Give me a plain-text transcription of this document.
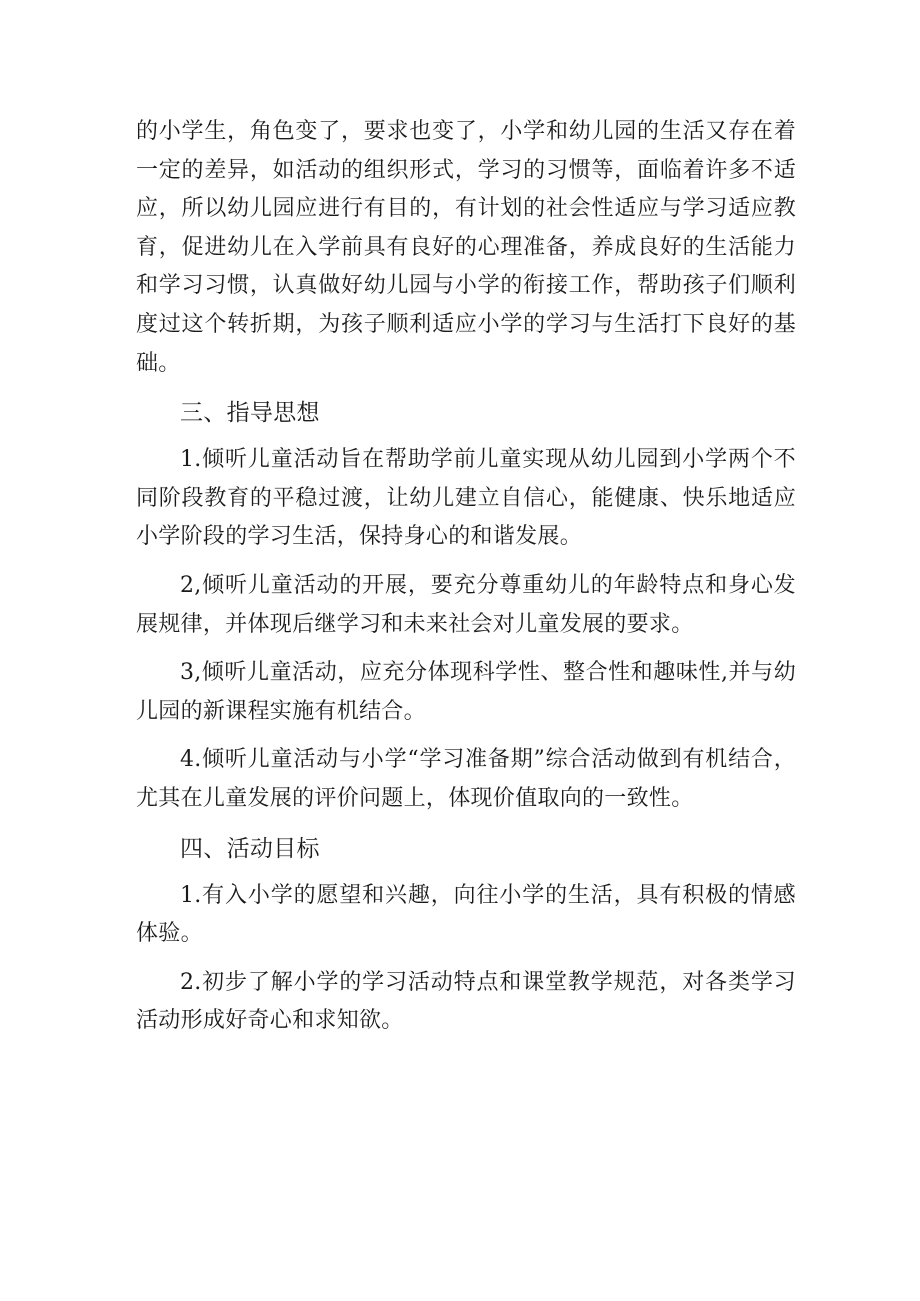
的小学生，角色变了，要求也变了，小学和幼儿园的生活又存在着一定的差异，如活动的组织形式，学习的习惯等，面临着许多不适应，所以幼儿园应进行有目的，有计划的社会性适应与学习适应教育，促进幼儿在入学前具有良好的心理准备，养成良好的生活能力和学习习惯，认真做好幼儿园与小学的衔接工作，帮助孩子们顺利度过这个转折期，为孩子顺利适应小学的学习与生活打下良好的基础。

三、指导思想

1.倾听儿童活动旨在帮助学前儿童实现从幼儿园到小学两个不同阶段教育的平稳过渡，让幼儿建立自信心，能健康、快乐地适应小学阶段的学习生活，保持身心的和谐发展。

2,倾听儿童活动的开展，要充分尊重幼儿的年龄特点和身心发展规律，并体现后继学习和未来社会对儿童发展的要求。

3,倾听儿童活动，应充分体现科学性、整合性和趣味性,并与幼儿园的新课程实施有机结合。

4.倾听儿童活动与小学“学习准备期”综合活动做到有机结合，尤其在儿童发展的评价问题上，体现价值取向的一致性。

四、活动目标

1.有入小学的愿望和兴趣，向往小学的生活，具有积极的情感体验。

2.初步了解小学的学习活动特点和课堂教学规范，对各类学习活动形成好奇心和求知欲。
